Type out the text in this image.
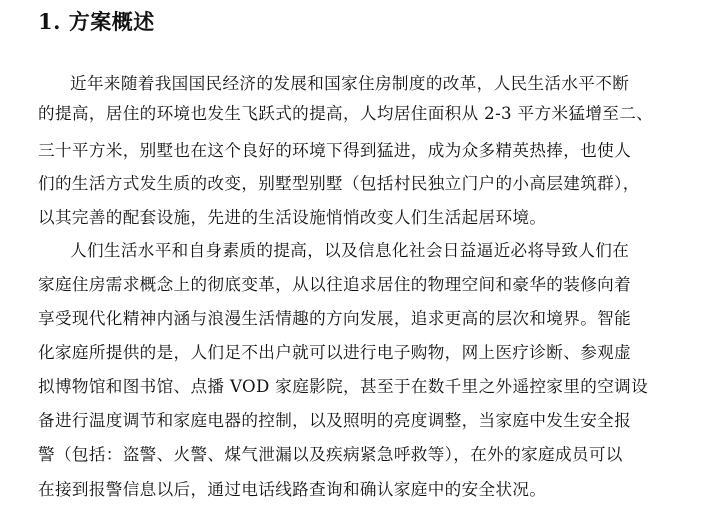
1. 方案概述
近年来随着我国国民经济的发展和国家住房制度的改革，人民生活水平不断
的提高，居住的环境也发生飞跃式的提高，人均居住面积从 2-3 平方米猛增至二、
三十平方米，别墅也在这个良好的环境下得到猛进，成为众多精英热捧，也使人
们的生活方式发生质的改变，别墅型别墅（包括村民独立门户的小高层建筑群），
以其完善的配套设施，先进的生活设施悄悄改变人们生活起居环境。
人们生活水平和自身素质的提高，以及信息化社会日益逼近必将导致人们在
家庭住房需求概念上的彻底变革，从以往追求居住的物理空间和豪华的装修向着
享受现代化精神内涵与浪漫生活情趣的方向发展，追求更高的层次和境界。智能
化家庭所提供的是，人们足不出户就可以进行电子购物，网上医疗诊断、参观虚
拟博物馆和图书馆、点播 VOD 家庭影院，甚至于在数千里之外遥控家里的空调设
备进行温度调节和家庭电器的控制，以及照明的亮度调整，当家庭中发生安全报
警（包括：盗警、火警、煤气泄漏以及疾病紧急呼救等），在外的家庭成员可以
在接到报警信息以后，通过电话线路查询和确认家庭中的安全状况。
